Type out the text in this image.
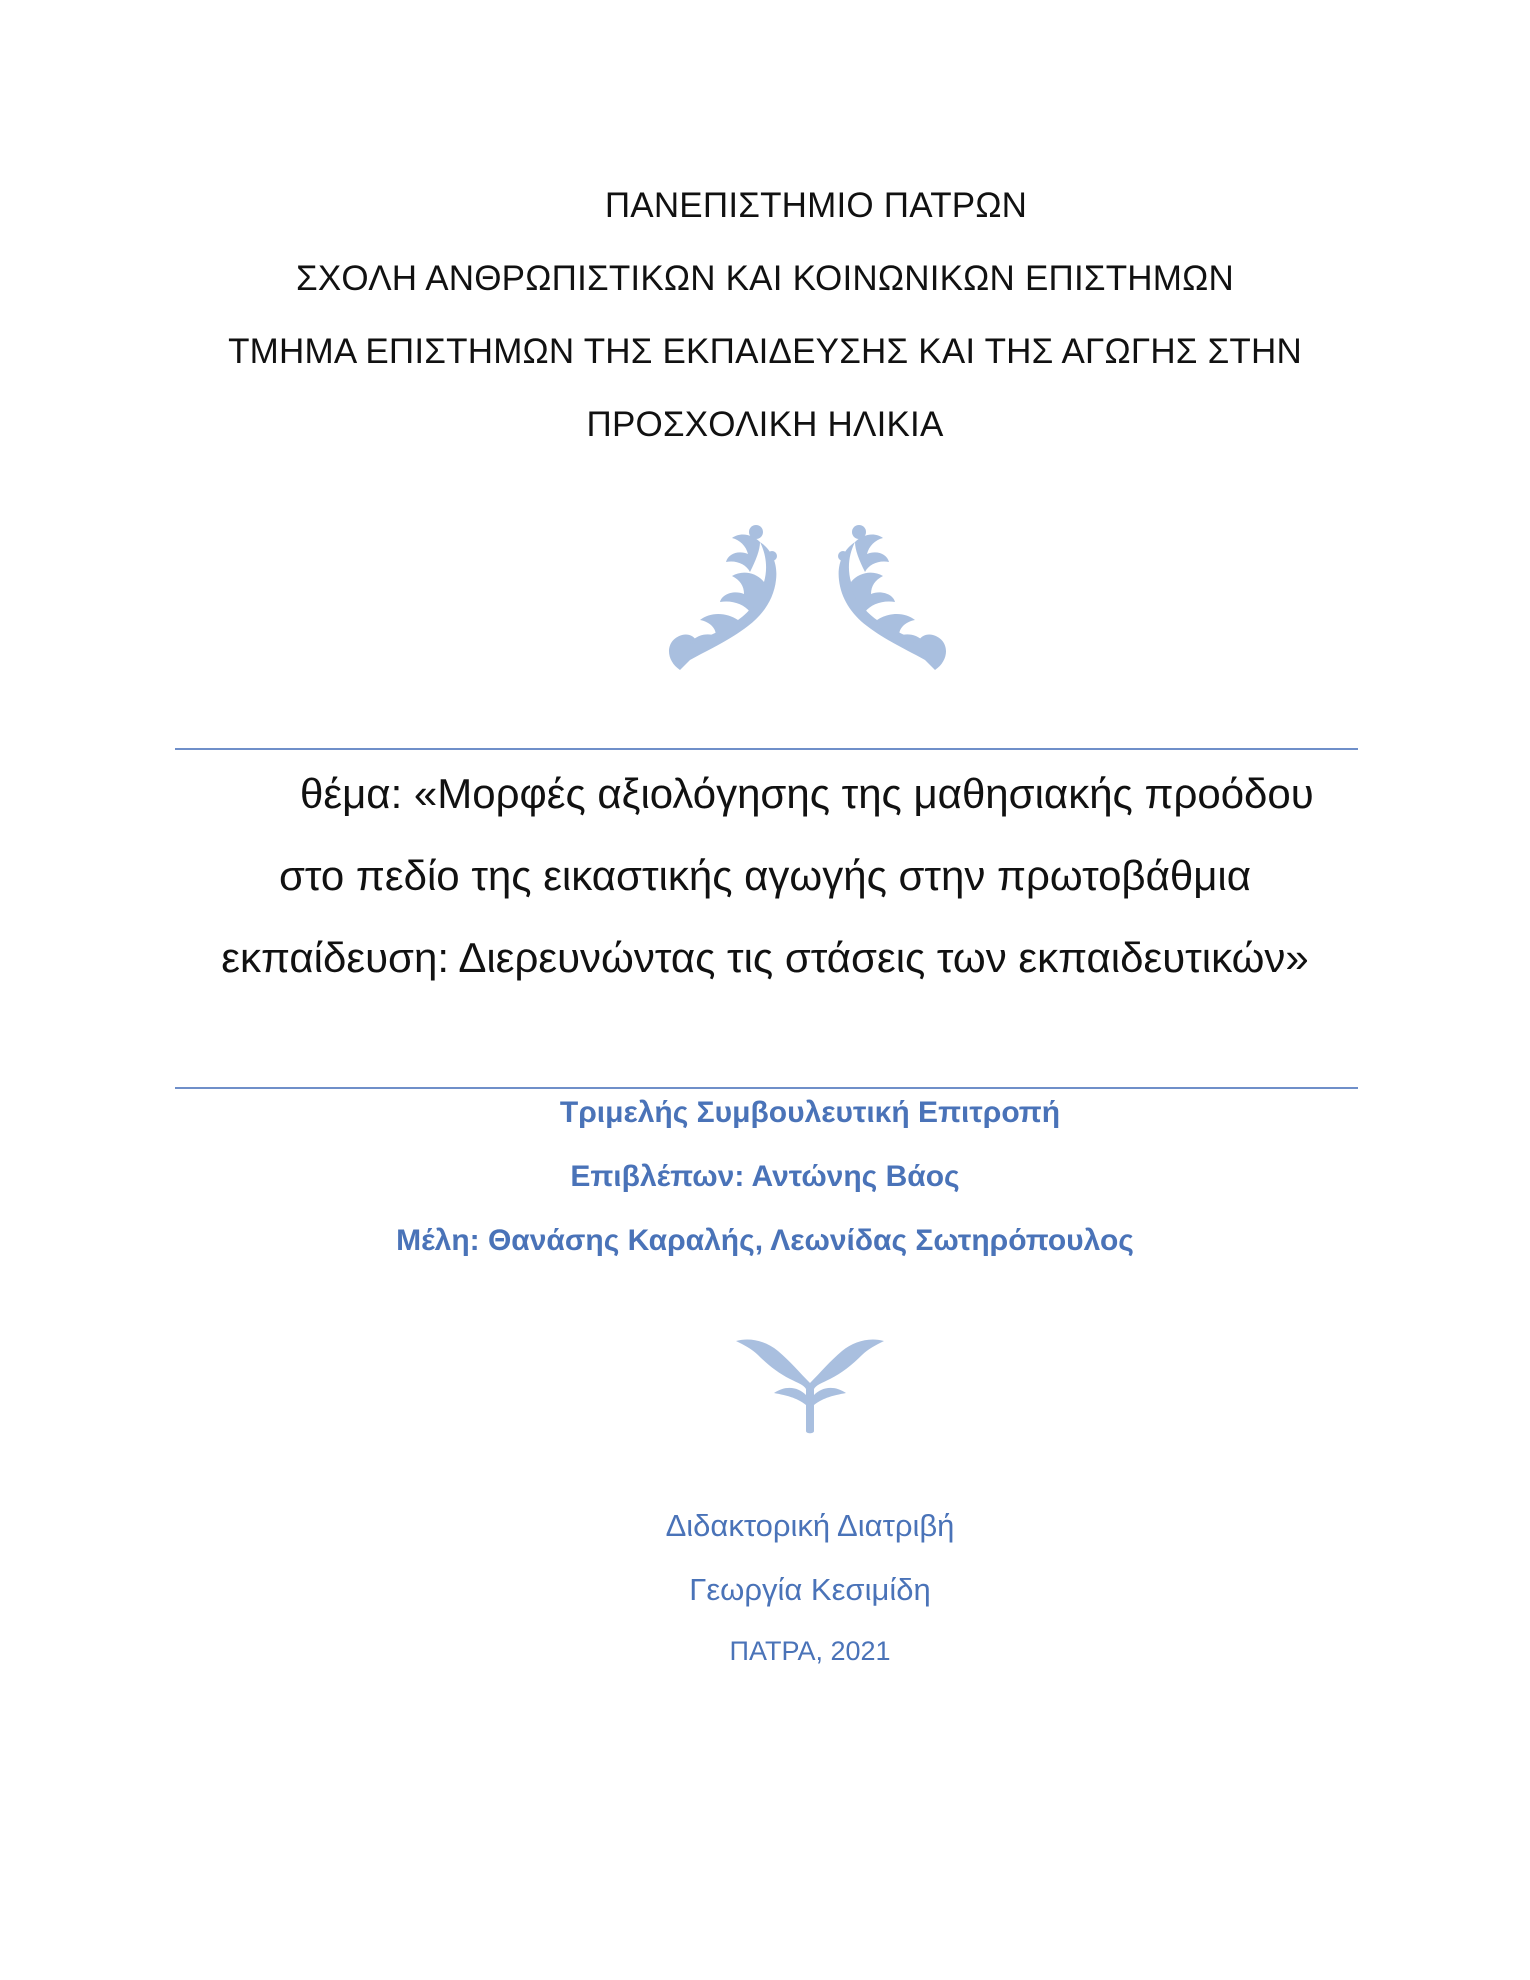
ΠΑΝΕΠΙΣΤΗΜΙΟ ΠΑΤΡΩΝ
ΣΧΟΛΗ ΑΝΘΡΩΠΙΣΤΙΚΩΝ ΚΑΙ ΚΟΙΝΩΝΙΚΩΝ ΕΠΙΣΤΗΜΩΝ
ΤΜΗΜΑ ΕΠΙΣΤΗΜΩΝ ΤΗΣ ΕΚΠΑΙΔΕΥΣΗΣ ΚΑΙ ΤΗΣ ΑΓΩΓΗΣ ΣΤΗΝ
ΠΡΟΣΧΟΛΙΚΗ ΗΛΙΚΙΑ
θέμα: «Μορφές αξιολόγησης της μαθησιακής προόδου
στο πεδίο της εικαστικής αγωγής στην πρωτοβάθμια
εκπαίδευση: Διερευνώντας τις στάσεις των εκπαιδευτικών»
Τριμελής Συμβουλευτική Επιτροπή
Επιβλέπων: Αντώνης Βάος
Μέλη: Θανάσης Καραλής, Λεωνίδας Σωτηρόπουλος
Διδακτορική Διατριβή
Γεωργία Κεσιμίδη
ΠΑΤΡΑ, 2021
